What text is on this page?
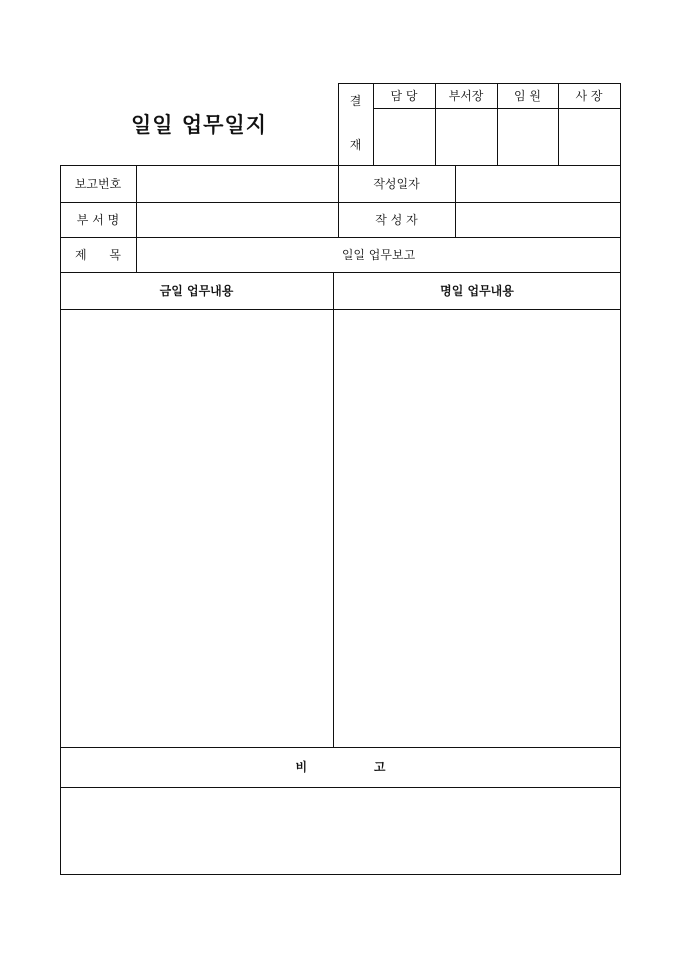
일일 업무일지
결
재
담 당	부서장	임 원	사 장
보고번호	작성일자
부 서 명	작 성 자
제      목	일일 업무보고
금일 업무내용	명일 업무내용
비                고
